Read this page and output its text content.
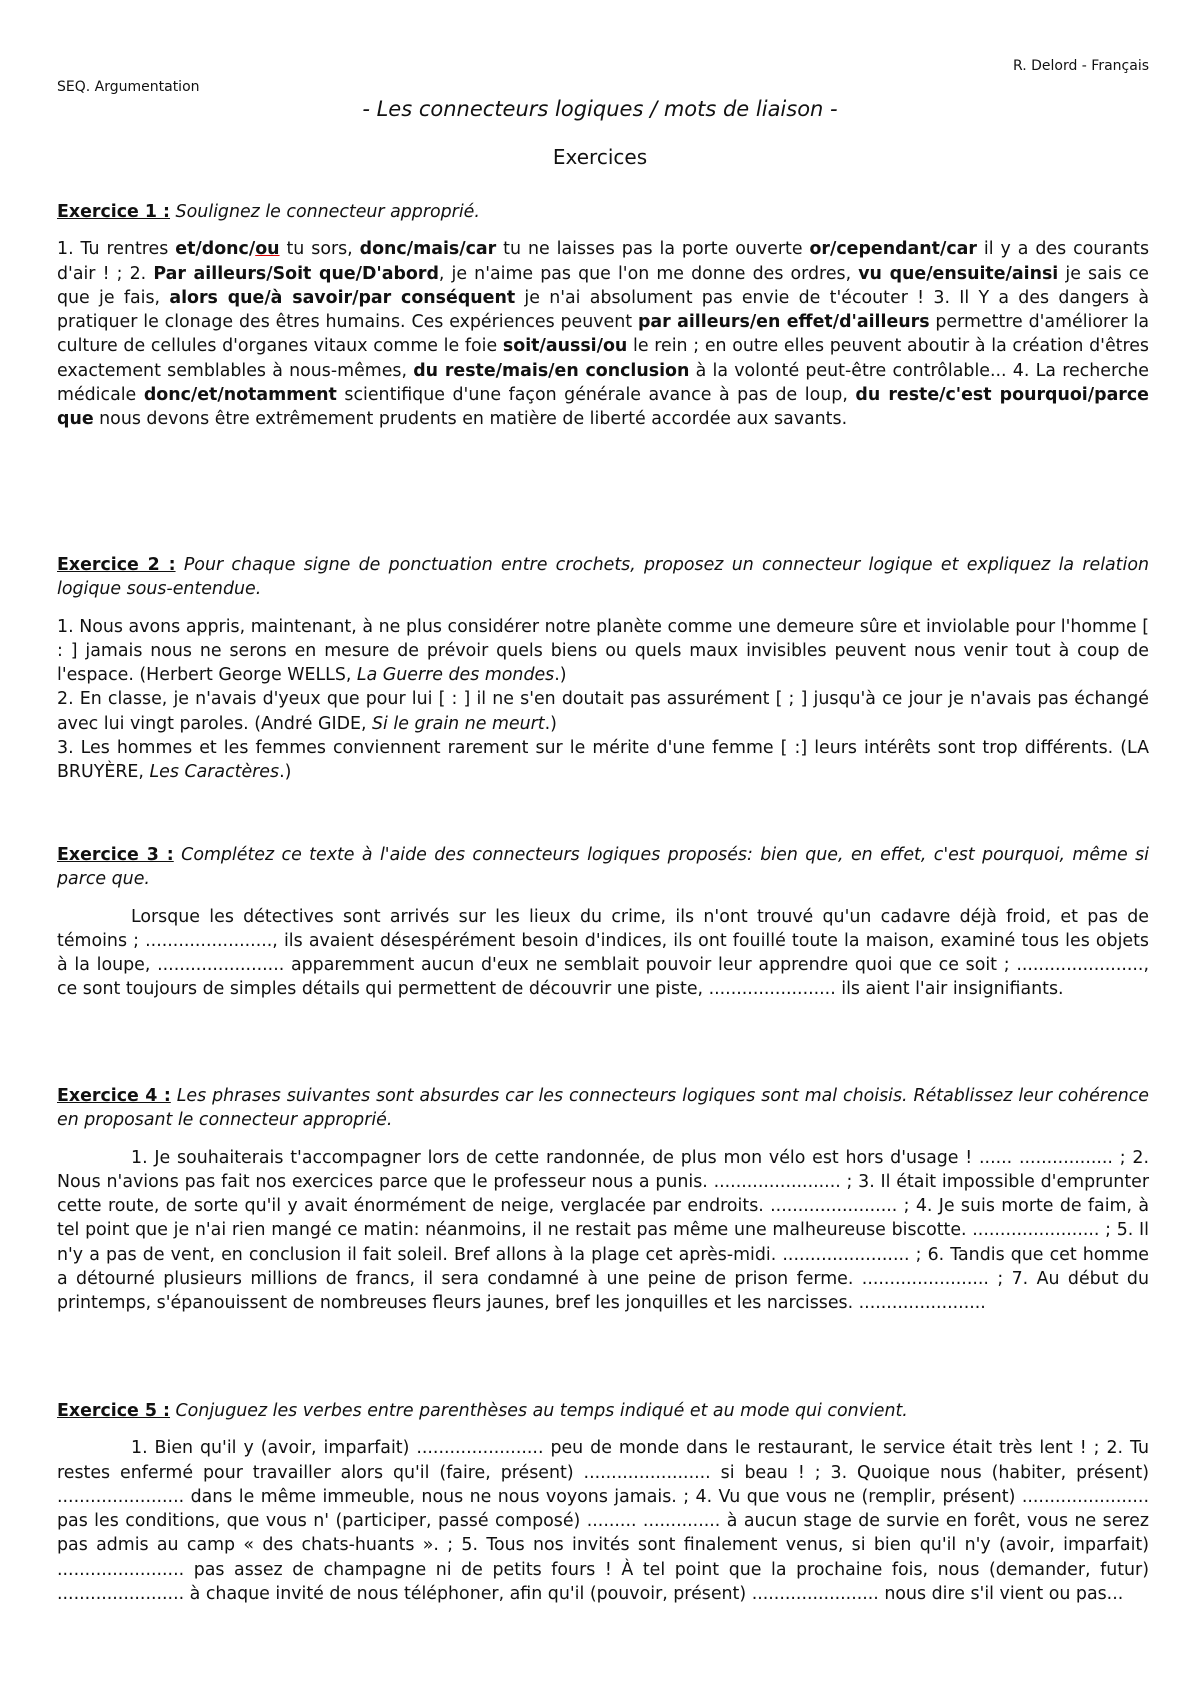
R. Delord - Français
SEQ. Argumentation
- Les connecteurs logiques / mots de liaison -
Exercices
Exercice 1 : Soulignez le connecteur approprié.
1. Tu rentres et/donc/ou tu sors, donc/mais/car tu ne laisses pas la porte ouverte or/cependant/car il y a des courants d'air ! ; 2. Par ailleurs/Soit que/D'abord, je n'aime pas que l'on me donne des ordres, vu que/ensuite/ainsi je sais ce que je fais, alors que/à savoir/par conséquent je n'ai absolument pas envie de t'écouter ! 3. Il Y a des dangers à pratiquer le clonage des êtres humains. Ces expériences peuvent par ailleurs/en effet/d'ailleurs permettre d'améliorer la culture de cellules d'organes vitaux comme le foie soit/aussi/ou le rein ; en outre elles peuvent aboutir à la création d'êtres exactement semblables à nous-mêmes, du reste/mais/en conclusion à la volonté peut-être contrôlable... 4. La recherche médicale donc/et/notamment scientifique d'une façon générale avance à pas de loup, du reste/c'est pourquoi/parce que nous devons être extrêmement prudents en matière de liberté accordée aux savants.
Exercice 2 : Pour chaque signe de ponctuation entre crochets, proposez un connecteur logique et expliquez la relation logique sous-entendue.
1. Nous avons appris, maintenant, à ne plus considérer notre planète comme une demeure sûre et inviolable pour l'homme [ : ] jamais nous ne serons en mesure de prévoir quels biens ou quels maux invisibles peuvent nous venir tout à coup de l'espace. (Herbert George WELLS, La Guerre des mondes.)
2. En classe, je n'avais d'yeux que pour lui [ : ] il ne s'en doutait pas assurément [ ; ] jusqu'à ce jour je n'avais pas échangé avec lui vingt paroles. (André GIDE, Si le grain ne meurt.)
3. Les hommes et les femmes conviennent rarement sur le mérite d'une femme [ :] leurs intérêts sont trop différents. (LA BRUYÈRE, Les Caractères.)
Exercice 3 : Complétez ce texte à l'aide des connecteurs logiques proposés: bien que, en effet, c'est pourquoi, même si parce que.
Lorsque les détectives sont arrivés sur les lieux du crime, ils n'ont trouvé qu'un cadavre déjà froid, et pas de témoins ; ......................., ils avaient désespérément besoin d'indices, ils ont fouillé toute la maison, examiné tous les objets à la loupe, ....................... apparemment aucun d'eux ne semblait pouvoir leur apprendre quoi que ce soit ; ......................., ce sont toujours de simples détails qui permettent de découvrir une piste, ....................... ils aient l'air insignifiants.
Exercice 4 : Les phrases suivantes sont absurdes car les connecteurs logiques sont mal choisis. Rétablissez leur cohérence en proposant le connecteur approprié.
1. Je souhaiterais t'accompagner lors de cette randonnée, de plus mon vélo est hors d'usage ! ...... ................. ; 2. Nous n'avions pas fait nos exercices parce que le professeur nous a punis. ....................... ; 3. Il était impossible d'emprunter cette route, de sorte qu'il y avait énormément de neige, verglacée par endroits. ....................... ; 4. Je suis morte de faim, à tel point que je n'ai rien mangé ce matin: néanmoins, il ne restait pas même une malheureuse biscotte. ....................... ; 5. Il n'y a pas de vent, en conclusion il fait soleil. Bref allons à la plage cet après-midi. ....................... ; 6. Tandis que cet homme a détourné plusieurs millions de francs, il sera condamné à une peine de prison ferme. ....................... ; 7. Au début du printemps, s'épanouissent de nombreuses fleurs jaunes, bref les jonquilles et les narcisses. .......................
Exercice 5 : Conjuguez les verbes entre parenthèses au temps indiqué et au mode qui convient.
1. Bien qu'il y (avoir, imparfait) ....................... peu de monde dans le restaurant, le service était très lent ! ; 2. Tu restes enfermé pour travailler alors qu'il (faire, présent) ....................... si beau ! ; 3. Quoique nous (habiter, présent) ....................... dans le même immeuble, nous ne nous voyons jamais. ; 4. Vu que vous ne (remplir, présent) ....................... pas les conditions, que vous n' (participer, passé composé) ......... .............. à aucun stage de survie en forêt, vous ne serez pas admis au camp « des chats-huants ». ; 5. Tous nos invités sont finalement venus, si bien qu'il n'y (avoir, imparfait) ....................... pas assez de champagne ni de petits fours ! À tel point que la prochaine fois, nous (demander, futur) ....................... à chaque invité de nous téléphoner, afin qu'il (pouvoir, présent) ....................... nous dire s'il vient ou pas...
